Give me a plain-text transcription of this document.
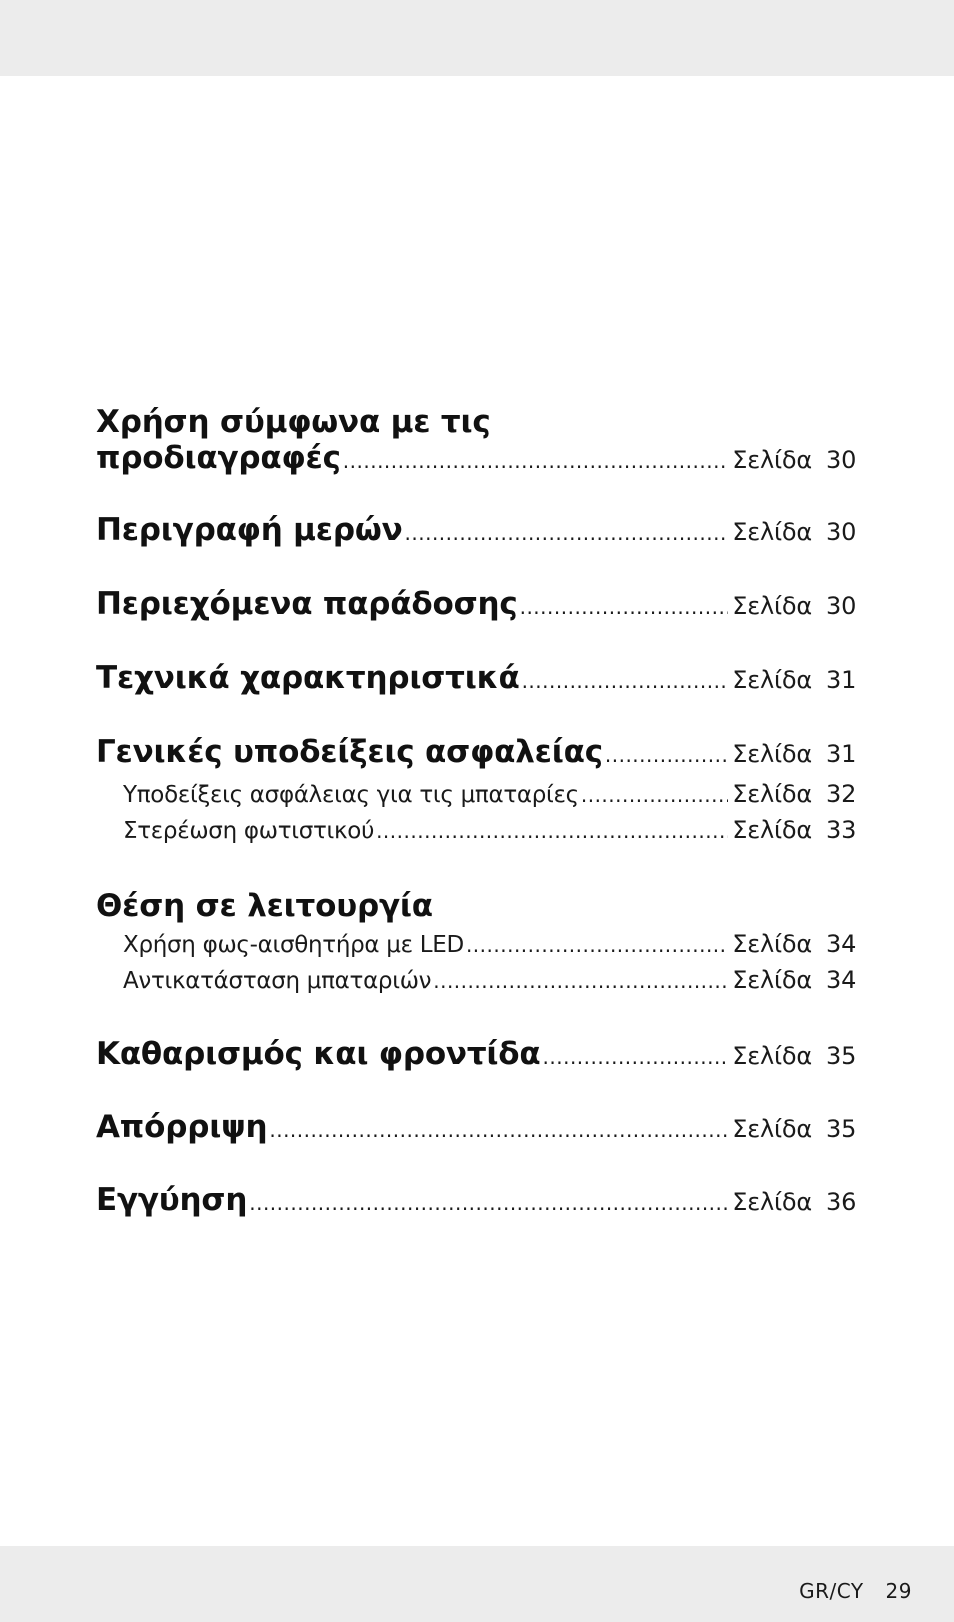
Χρήση σύμφωνα με τις
προδιαγραφές .....	Σελίδα 30
Περιγραφή μερών .....	Σελίδα 30
Περιεχόμενα παράδοσης .....	Σελίδα 30
Τεχνικά χαρακτηριστικά .....	Σελίδα 31
Γενικές υποδείξεις ασφαλείας .....	Σελίδα 31
Υποδείξεις ασφάλειας για τις μπαταρίες .....	Σελίδα 32
Στερέωση φωτιστικού .....	Σελίδα 33
Θέση σε λειτουργία
Χρήση φως-αισθητήρα με LED .....	Σελίδα 34
Αντικατάσταση μπαταριών .....	Σελίδα 34
Καθαρισμός και φροντίδα .....	Σελίδα 35
Απόρριψη .....	Σελίδα 35
Εγγύηση .....	Σελίδα 36
GR/CY 29
